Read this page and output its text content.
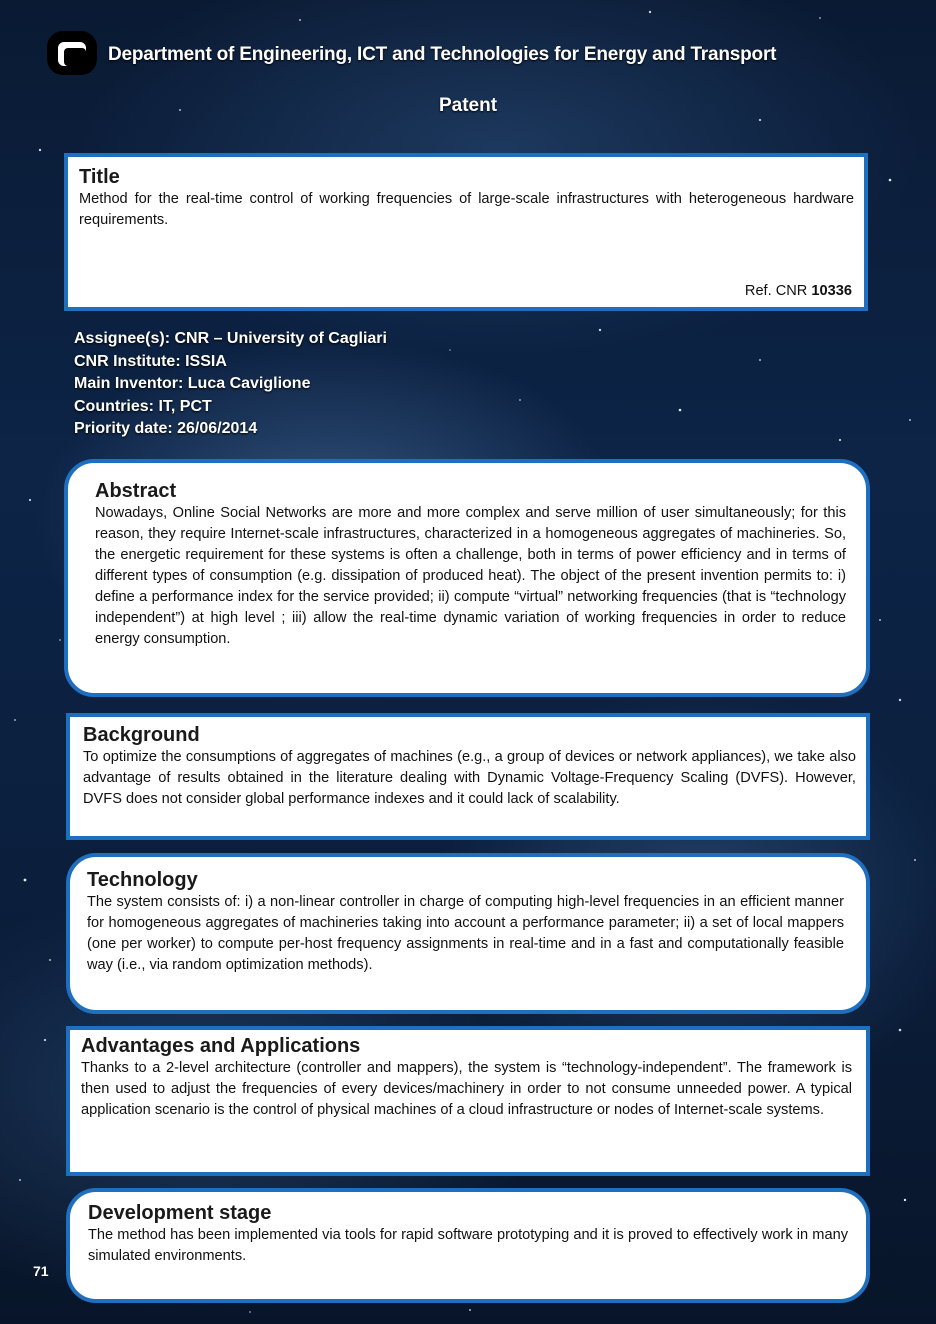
Department of Engineering, ICT and Technologies for Energy and Transport
Patent
Title

Method for the real-time control of working frequencies of large-scale infrastructures with heterogeneous hardware requirements.

Ref. CNR 10336
Assignee(s): CNR – University of Cagliari
CNR Institute: ISSIA
Main Inventor: Luca Caviglione
Countries: IT, PCT
Priority date: 26/06/2014
Abstract

Nowadays, Online Social Networks are more and more complex and serve million of user simultaneously; for this reason, they require Internet-scale infrastructures, characterized in a homogeneous aggregates of machineries. So, the energetic requirement for these systems is often a challenge, both in terms of power efficiency and in terms of different types of consumption (e.g. dissipation of produced heat). The object of the present invention permits to: i) define a performance index for the service provided; ii) compute “virtual” networking frequencies (that is “technology independent”) at high level ; iii) allow the real-time dynamic variation of working frequencies in order to reduce energy consumption.

Background

To optimize the consumptions of aggregates of machines (e.g., a group of devices or network appliances), we take also advantage of results obtained in the literature dealing with Dynamic Voltage-Frequency Scaling (DVFS). However, DVFS does not consider global performance indexes and it could lack of scalability.

Technology

The system consists of: i) a non-linear controller in charge of computing high-level frequencies in an efficient manner for homogeneous aggregates of machineries taking into account a performance parameter; ii) a set of local mappers (one per worker) to compute per-host frequency assignments in real-time and in a fast and computationally feasible way (i.e., via random optimization methods).

Advantages and Applications

Thanks to a 2-level architecture (controller and mappers), the system is “technology-independent”. The framework is then used to adjust the frequencies of every devices/machinery in order to not consume unneeded power. A typical application scenario is the control of physical machines of a cloud infrastructure or nodes of Internet-scale systems.

Development stage

The method has been implemented via tools for rapid software prototyping and it is proved to effectively work in many simulated environments.

71
